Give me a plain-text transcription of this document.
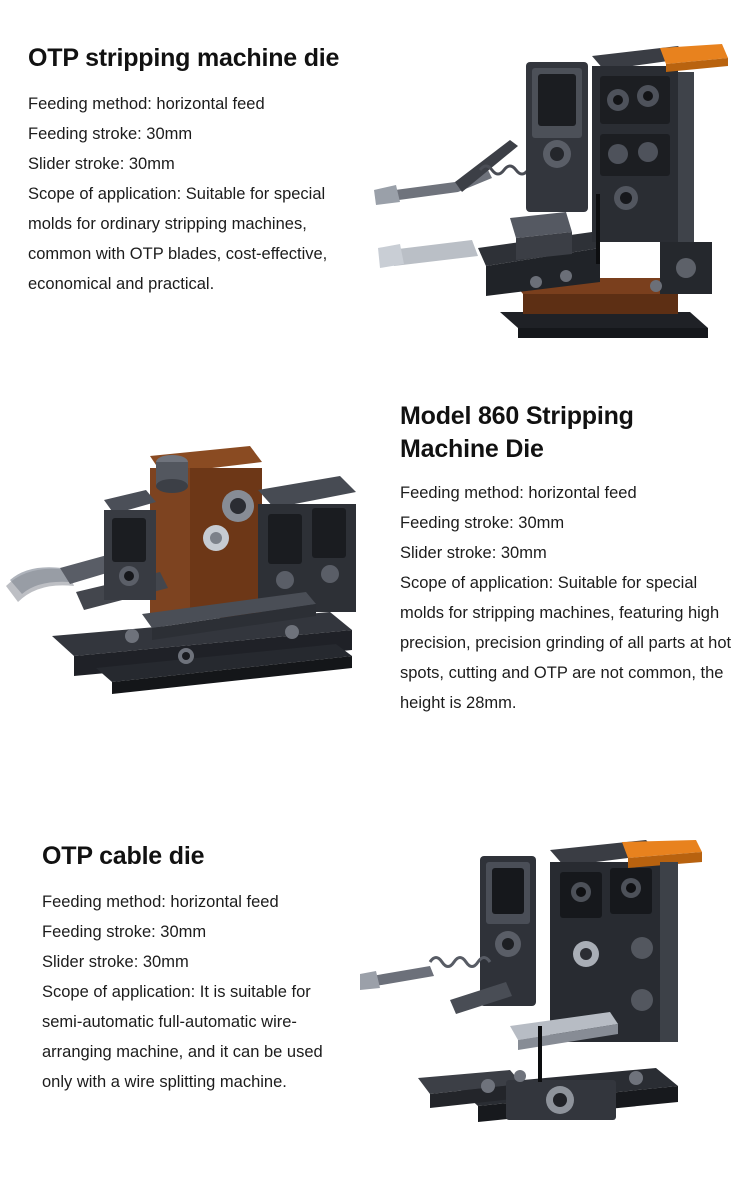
OTP stripping machine die

Feeding method: horizontal feed

Feeding stroke: 30mm

Slider stroke: 30mm

Scope of application: Suitable for special molds for ordinary stripping machines, common with OTP blades, cost-effective, economical and practical.

Model 860 Stripping Machine Die

Feeding method: horizontal feed

Feeding stroke: 30mm

Slider stroke: 30mm

Scope of application: Suitable for special molds for stripping machines, featuring high precision, precision grinding of all parts at hot spots, cutting and OTP are not common, the height is 28mm.

OTP cable die

Feeding method: horizontal feed

Feeding stroke: 30mm

Slider stroke: 30mm

Scope of application: It is suitable for semi-automatic full-automatic wire-arranging machine, and it can be used only with a wire splitting machine.
